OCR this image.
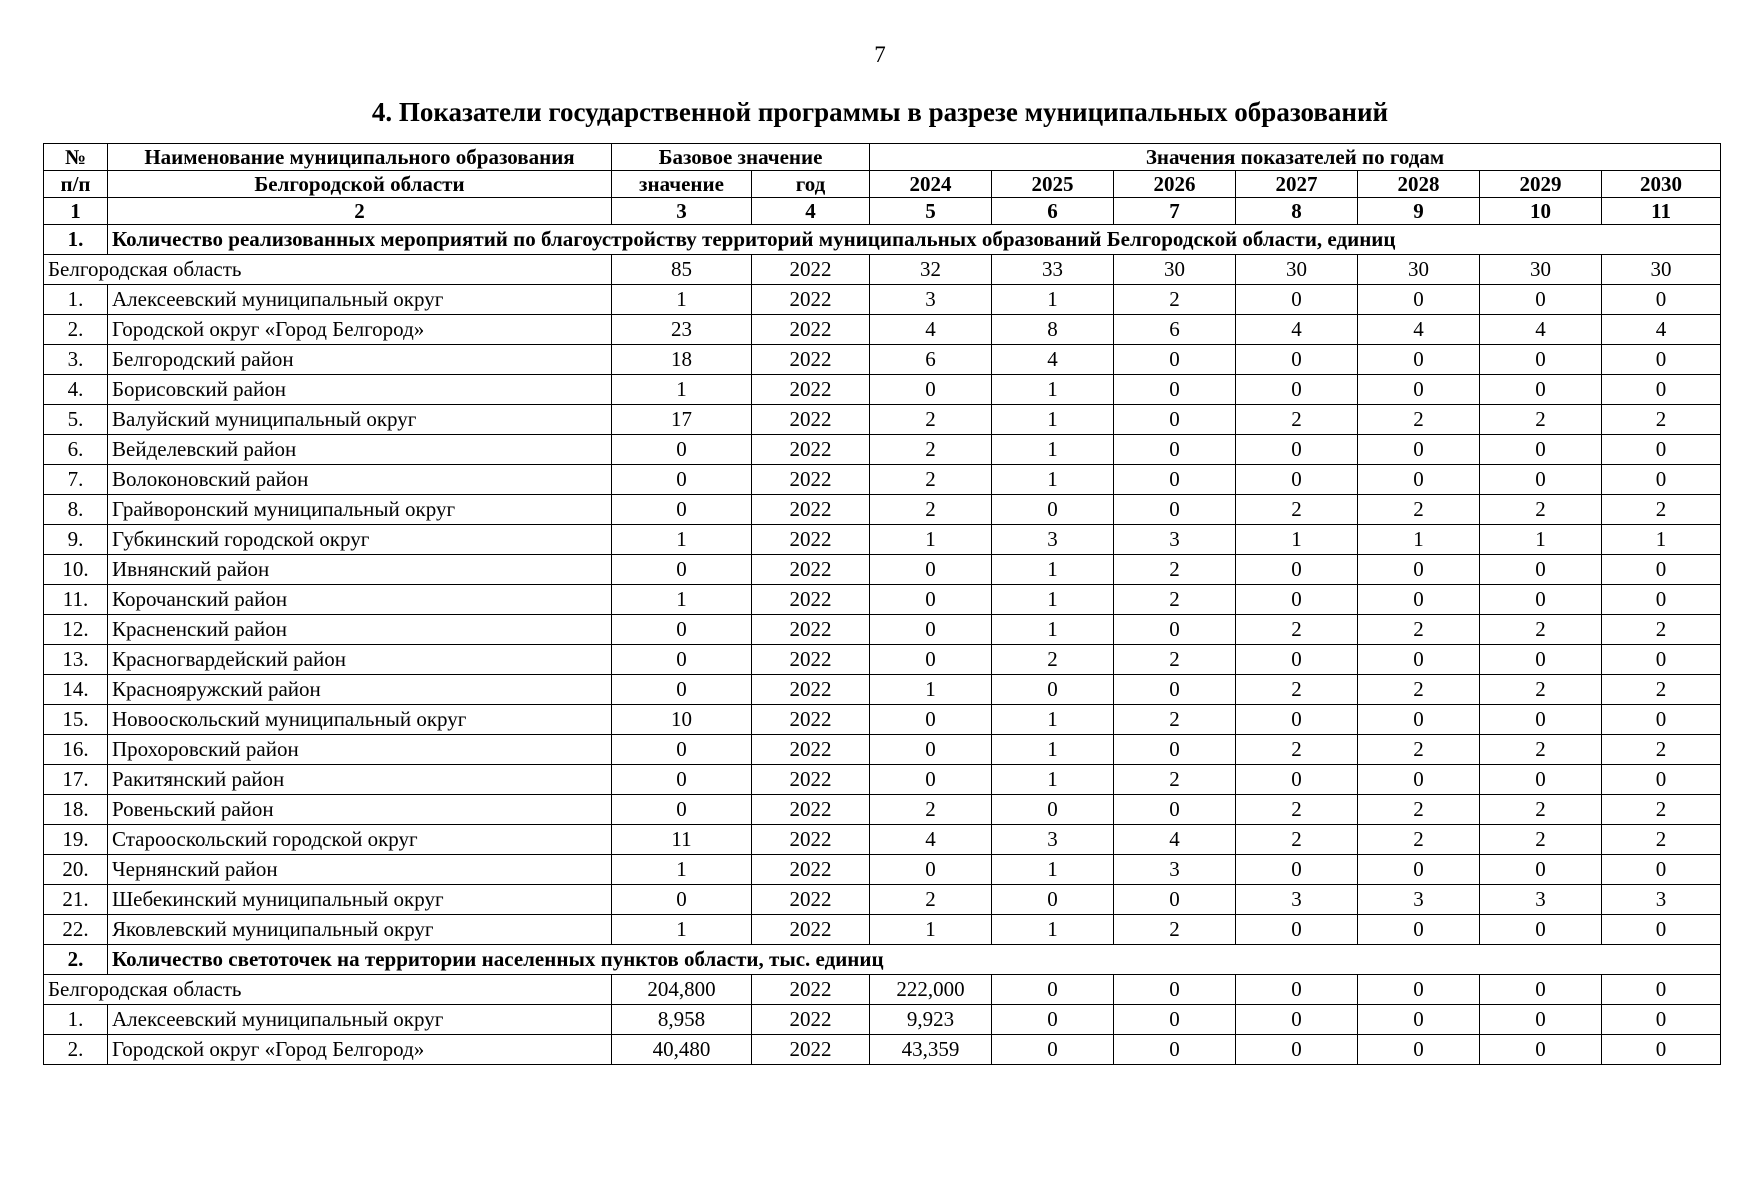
7
4. Показатели государственной программы в разрезе муниципальных образований
№	Наименование муниципального образования	Базовое значение		Значения показателей по годам						
п/п	Белгородской области	значение	год	2024	2025	2026	2027	2028	2029	2030
1	2	3	4	5	6	7	8	9	10	11
1.	Количество реализованных мероприятий по благоустройству территорий муниципальных образований Белгородской области, единиц									
Белгородская область		85	2022	32	33	30	30	30	30	30
1.	Алексеевский муниципальный округ	1	2022	3	1	2	0	0	0	0
2.	Городской округ «Город Белгород»	23	2022	4	8	6	4	4	4	4
3.	Белгородский район	18	2022	6	4	0	0	0	0	0
4.	Борисовский район	1	2022	0	1	0	0	0	0	0
5.	Валуйский муниципальный округ	17	2022	2	1	0	2	2	2	2
6.	Вейделевский район	0	2022	2	1	0	0	0	0	0
7.	Волоконовский район	0	2022	2	1	0	0	0	0	0
8.	Грайворонский муниципальный округ	0	2022	2	0	0	2	2	2	2
9.	Губкинский городской округ	1	2022	1	3	3	1	1	1	1
10.	Ивнянский район	0	2022	0	1	2	0	0	0	0
11.	Корочанский район	1	2022	0	1	2	0	0	0	0
12.	Красненский район	0	2022	0	1	0	2	2	2	2
13.	Красногвардейский район	0	2022	0	2	2	0	0	0	0
14.	Краснояружский район	0	2022	1	0	0	2	2	2	2
15.	Новооскольский муниципальный округ	10	2022	0	1	2	0	0	0	0
16.	Прохоровский район	0	2022	0	1	0	2	2	2	2
17.	Ракитянский район	0	2022	0	1	2	0	0	0	0
18.	Ровеньский район	0	2022	2	0	0	2	2	2	2
19.	Старооскольский городской округ	11	2022	4	3	4	2	2	2	2
20.	Чернянский район	1	2022	0	1	3	0	0	0	0
21.	Шебекинский муниципальный округ	0	2022	2	0	0	3	3	3	3
22.	Яковлевский муниципальный округ	1	2022	1	1	2	0	0	0	0
2.	Количество светоточек на территории населенных пунктов области, тыс. единиц									
Белгородская область		204,800	2022	222,000	0	0	0	0	0	0
1.	Алексеевский муниципальный округ	8,958	2022	9,923	0	0	0	0	0	0
2.	Городской округ «Город Белгород»	40,480	2022	43,359	0	0	0	0	0	0
